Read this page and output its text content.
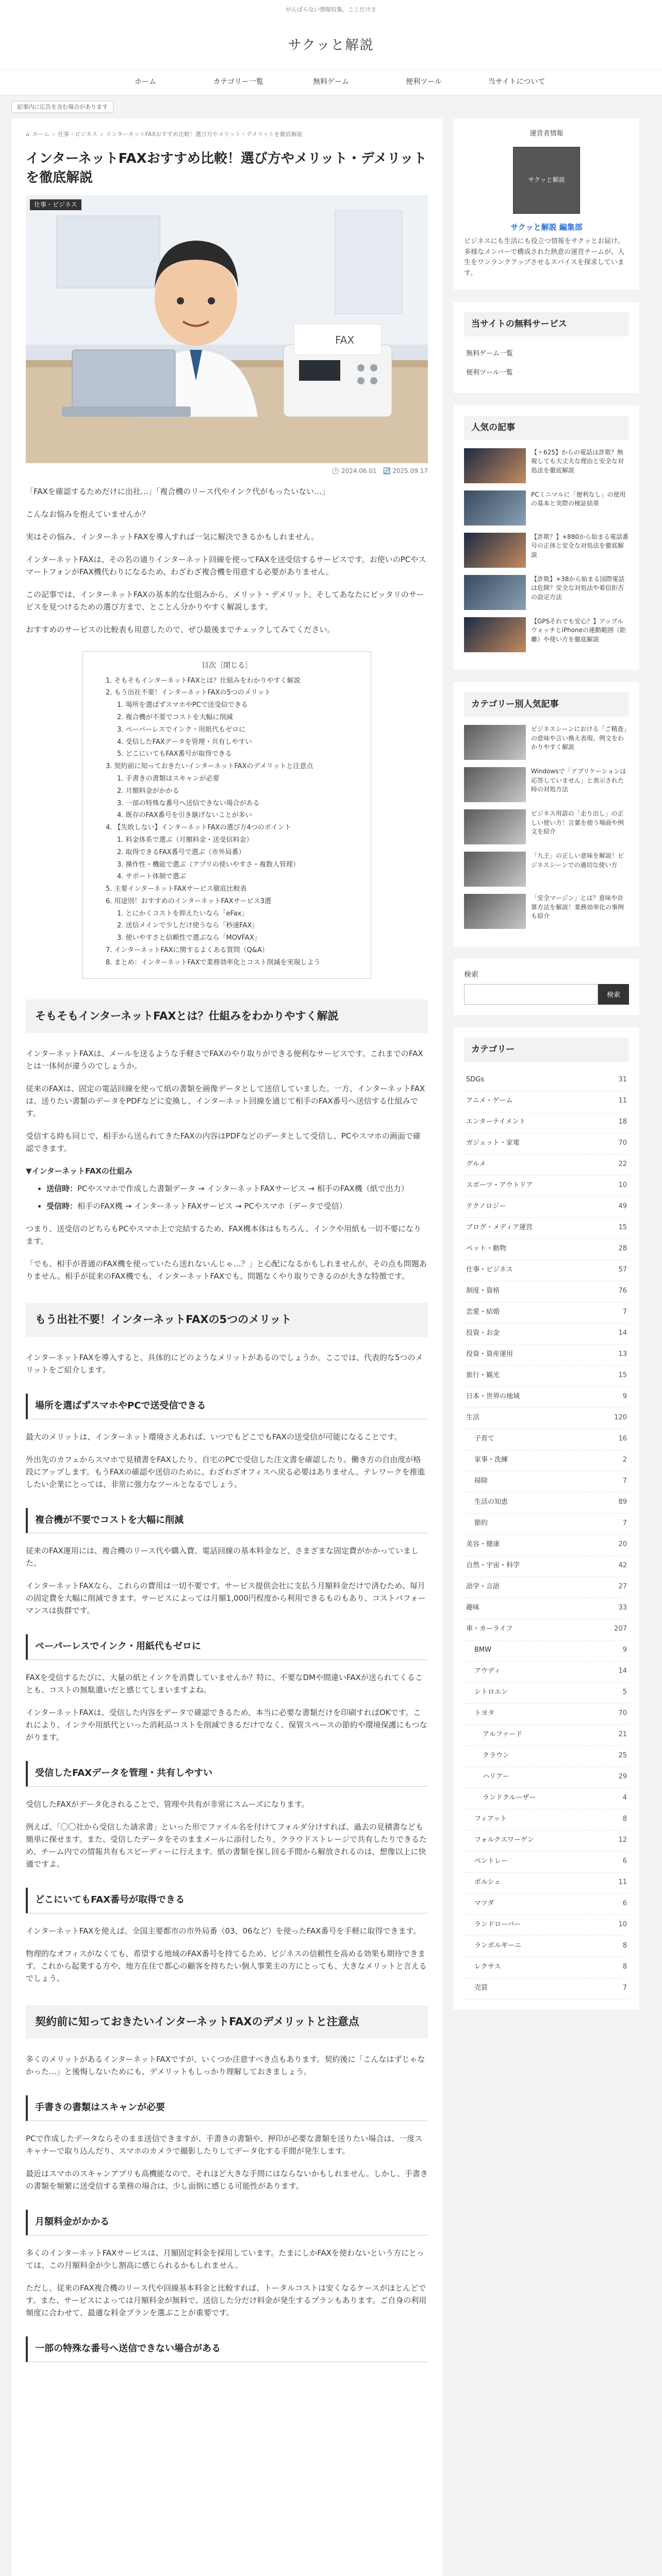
がんばらない情報収集。ここだけさ
サクッと解説
ホーム	カテゴリー一覧	無料ゲーム	便利ツール	当サイトについて
記事内に広告を含む場合があります
⌂ ホーム › 仕事・ビジネス › インターネットFAXおすすめ比較！選び方やメリット・デメリットを徹底解説
インターネットFAXおすすめ比較！選び方やメリット・デメリットを徹底解説
仕事・ビジネス
FAX
🕒 2024.06.01　🔄 2025.09.17

「FAXを確認するためだけに出社…」「複合機のリース代やインク代がもったいない…」

こんなお悩みを抱えていませんか？

実はその悩み、インターネットFAXを導入すれば一気に解決できるかもしれません。

インターネットFAXは、その名の通りインターネット回線を使ってFAXを送受信するサービスです。お使いのPCやスマートフォンがFAX機代わりになるため、わざわざ複合機を用意する必要がありません。

この記事では、インターネットFAXの基本的な仕組みから、メリット・デメリット、そしてあなたにピッタリのサービスを見つけるための選び方まで、とことん分かりやすく解説します。

おすすめのサービスの比較表も用意したので、ぜひ最後までチェックしてみてください。

目次［閉じる］
1. そもそもインターネットFAXとは？仕組みをわかりやすく解説
2. もう出社不要！インターネットFAXの5つのメリット
1. 場所を選ばずスマホやPCで送受信できる
2. 複合機が不要でコストを大幅に削減
3. ペーパーレスでインク・用紙代もゼロに
4. 受信したFAXデータを管理・共有しやすい
5. どこにいてもFAX番号が取得できる
3. 契約前に知っておきたいインターネットFAXのデメリットと注意点
1. 手書きの書類はスキャンが必要
2. 月額料金がかかる
3. 一部の特殊な番号へ送信できない場合がある
4. 既存のFAX番号を引き継げないことが多い
4. 【失敗しない】インターネットFAXの選び方4つのポイント
1. 料金体系で選ぶ（月額料金・送受信料金）
2. 取得できるFAX番号で選ぶ（市外局番）
3. 操作性・機能で選ぶ（アプリの使いやすさ・複数人管理）
4. サポート体制で選ぶ
5. 主要インターネットFAXサービス徹底比較表
6. 用途別！おすすめのインターネットFAXサービス3選
1. とにかくコストを抑えたいなら「eFax」
2. 送信メインで少しだけ使うなら「秒速FAX」
3. 使いやすさと信頼性で選ぶなら「MOVFAX」
7. インターネットFAXに関するよくある質問（Q&A）
8. まとめ：インターネットFAXで業務効率化とコスト削減を実現しよう
そもそもインターネットFAXとは？仕組みをわかりやすく解説

インターネットFAXは、メールを送るような手軽さでFAXのやり取りができる便利なサービスです。これまでのFAXとは一体何が違うのでしょうか。

従来のFAXは、固定の電話回線を使って紙の書類を画像データとして送信していました。一方、インターネットFAXは、送りたい書類のデータをPDFなどに変換し、インターネット回線を通じて相手のFAX番号へ送信する仕組みです。

受信する時も同じで、相手から送られてきたFAXの内容はPDFなどのデータとして受信し、PCやスマホの画面で確認できます。

▼インターネットFAXの仕組み
• 送信時：PCやスマホで作成した書類データ → インターネットFAXサービス → 相手のFAX機（紙で出力）
• 受信時：相手のFAX機 → インターネットFAXサービス → PCやスマホ（データで受信）

つまり、送受信のどちらもPCやスマホ上で完結するため、FAX機本体はもちろん、インクや用紙も一切不要になります。

「でも、相手が普通のFAX機を使っていたら送れないんじゃ…？」と心配になるかもしれませんが、その点も問題ありません。相手が従来のFAX機でも、インターネットFAXでも、問題なくやり取りできるのが大きな特徴です。

もう出社不要！インターネットFAXの5つのメリット

インターネットFAXを導入すると、具体的にどのようなメリットがあるのでしょうか。ここでは、代表的な5つのメリットをご紹介します。

場所を選ばずスマホやPCで送受信できる

最大のメリットは、インターネット環境さえあれば、いつでもどこでもFAXの送受信が可能になることです。

外出先のカフェからスマホで見積書をFAXしたり、自宅のPCで受信した注文書を確認したり。働き方の自由度が格段にアップします。もうFAXの確認や送信のために、わざわざオフィスへ戻る必要はありません。テレワークを推進したい企業にとっては、非常に強力なツールとなるでしょう。

複合機が不要でコストを大幅に削減

従来のFAX運用には、複合機のリース代や購入費、電話回線の基本料金など、さまざまな固定費がかかっていました。

インターネットFAXなら、これらの費用は一切不要です。サービス提供会社に支払う月額料金だけで済むため、毎月の固定費を大幅に削減できます。サービスによっては月額1,000円程度から利用できるものもあり、コストパフォーマンスは抜群です。

ペーパーレスでインク・用紙代もゼロに

FAXを受信するたびに、大量の紙とインクを消費していませんか？特に、不要なDMや間違いFAXが送られてくることも、コストの無駄遣いだと感じてしまいますよね。

インターネットFAXは、受信した内容をデータで確認できるため、本当に必要な書類だけを印刷すればOKです。これにより、インクや用紙代といった消耗品コストを削減できるだけでなく、保管スペースの節約や環境保護にもつながります。

受信したFAXデータを管理・共有しやすい

受信したFAXがデータ化されることで、管理や共有が非常にスムーズになります。

例えば、「〇〇社から受信した請求書」といった形でファイル名を付けてフォルダ分けすれば、過去の見積書なども簡単に探せます。また、受信したデータをそのままメールに添付したり、クラウドストレージで共有したりできるため、チーム内での情報共有もスピーディーに行えます。紙の書類を探し回る手間から解放されるのは、想像以上に快適ですよ。

どこにいてもFAX番号が取得できる

インターネットFAXを使えば、全国主要都市の市外局番（03、06など）を使ったFAX番号を手軽に取得できます。

物理的なオフィスがなくても、希望する地域のFAX番号を持てるため、ビジネスの信頼性を高める効果も期待できます。これから起業する方や、地方在住で都心の顧客を持ちたい個人事業主の方にとっても、大きなメリットと言えるでしょう。

契約前に知っておきたいインターネットFAXのデメリットと注意点

多くのメリットがあるインターネットFAXですが、いくつか注意すべき点もあります。契約後に「こんなはずじゃなかった…」と後悔しないためにも、デメリットもしっかり理解しておきましょう。

手書きの書類はスキャンが必要

PCで作成したデータならそのまま送信できますが、手書きの書類や、押印が必要な書類を送りたい場合は、一度スキャナーで取り込んだり、スマホのカメラで撮影したりしてデータ化する手間が発生します。

最近はスマホのスキャンアプリも高機能なので、それほど大きな手間にはならないかもしれません。しかし、手書きの書類を頻繁に送受信する業務の場合は、少し面倒に感じる可能性があります。

月額料金がかかる

多くのインターネットFAXサービスは、月額固定料金を採用しています。たまにしかFAXを使わないという方にとっては、この月額料金が少し割高に感じられるかもしれません。

ただし、従来のFAX複合機のリース代や回線基本料金と比較すれば、トータルコストは安くなるケースがほとんどです。また、サービスによっては月額料金が無料で、送信した分だけ料金が発生するプランもあります。ご自身の利用頻度に合わせて、最適な料金プランを選ぶことが重要です。

一部の特殊な番号へ送信できない場合がある
運営者情報
サクッと解説
サクッと解説 編集部

ビジネスにも生活にも役立つ情報をサクッとお届け。多様なメンバーで構成された熱意の運営チームが、人生をワンランクアップさせるスパイスを探求しています。

当サイトの無料サービス
無料ゲーム一覧
便利ツール一覧
人気の記事
【＋625】からの電話は詐欺？無視しても大丈夫な理由と安全な対処法を徹底解説
PCミニマルに「便利なし」の使用の基本と実際の検証結果
【詐欺？】+880から始まる電話番号の正体と安全な対処法を徹底解説
【詐欺】+38から始まる国際電話は危険？安全な対処法や着信拒否の設定方法
【GPSそれでも安心？】アップルウォッチとiPhoneの連動範囲（距離）や使い方を徹底解説
カテゴリー別人気記事
ビジネスシーンにおける「ご精査」の意味や言い換え表現、例文をわかりやすく解説
Windowsで「アプリケーションは応答していません」と表示された時の対処方法
ビジネス用語の「走り出し」の正しい使い方！言葉を使う場面や例文を紹介
「九王」の正しい意味を解説！ビジネスシーンでの適切な使い方
「安全マージン」とは？意味や計算方法を解説！業務効率化の事例も紹介
検索
検索
カテゴリー
SDGs	31
アニメ・ゲーム	11
エンターテイメント	18
ガジェット・家電	70
グルメ	22
スポーツ・アウトドア	10
テクノロジー	49
ブログ・メディア運営	15
ペット・動物	28
仕事・ビジネス	57
制度・資格	76
恋愛・結婚	7
投資・お金	14
投資・資産運用	13
旅行・観光	15
日本・世界の地域	9
生活	120
子育て	16
家事・洗練	2
掃除	7
生活の知恵	89
節約	7
美容・健康	20
自然・宇宙・科学	42
語学・言語	27
趣味	33
車・カーライフ	207
BMW	9
アウディ	14
シトロエン	5
トヨタ	70
アルファード	21
クラウン	25
ハリアー	29
ランドクルーザー	4
フィアット	8
フォルクスワーゲン	12
ベントレー	6
ポルシェ	11
マツダ	6
ランドローバー	10
ランボルギーニ	8
レクサス	8
売買	7
